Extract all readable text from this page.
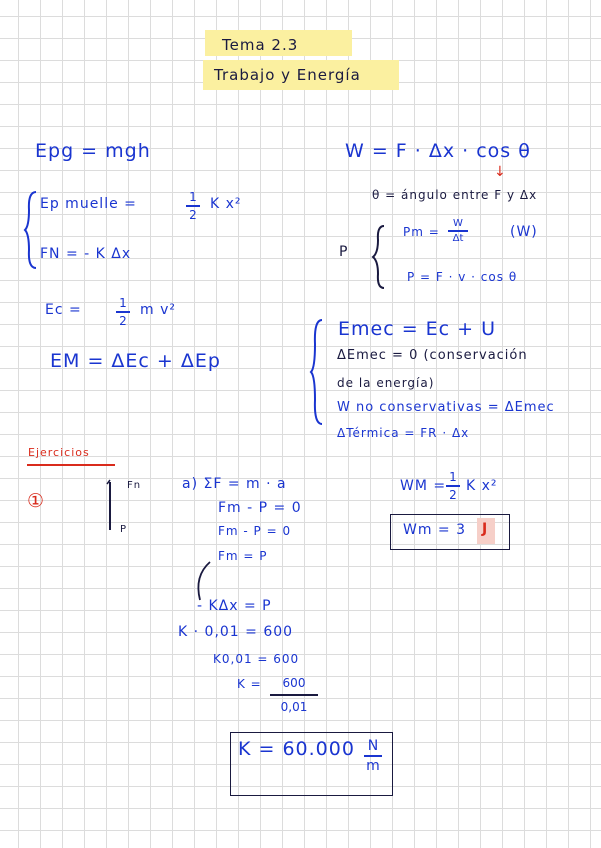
Tema 2.3
Trabajo y Energía
Epg = mgh	W = F · Δx · cos θ
↓
θ = ángulo entre F y Δx
Ep muelle =	1
2
K x²
FN = - K Δx	P
Pm =
W
Δt	(W)
P = F · v · cos θ
Ec =	1
2
m v²
EM = ΔEc + ΔEp
Emec = Ec + U
ΔEmec = 0 (conservación
de la energía)
W no conservativas = ΔEmec
ΔTérmica = FR · Δx
Ejercicios
①
Fn
P
a) ΣF = m · a
Fm - P = 0
Fm - P = 0
Fm = P
- KΔx = P
K · 0,01 = 600
K0,01 = 600
K = 600
0,01
K = 60.000 N
m
WM =
1
2
K x²
Wm = 3 J
